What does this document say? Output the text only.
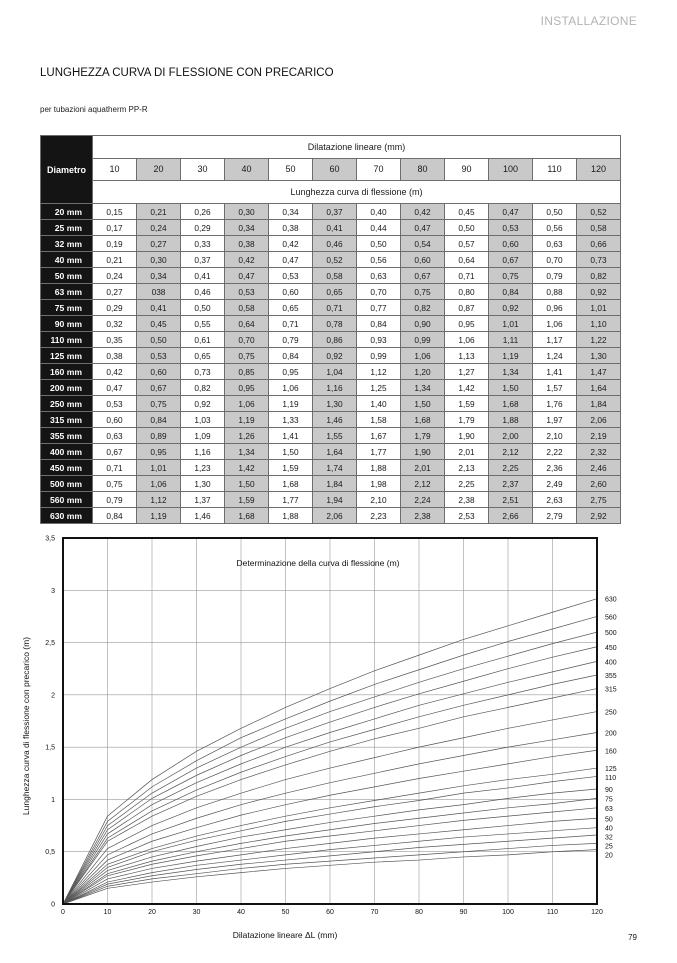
INSTALLAZIONE
LUNGHEZZA CURVA DI FLESSIONE CON PRECARICO
per tubazioni aquatherm PP-R
Diametro	Dilatazione lineare (mm)											
	10	20	30	40	50	60	70	80	90	100	110	120
	Lunghezza curva di flessione (m)											
20 mm	0,15	0,21	0,26	0,30	0,34	0,37	0,40	0,42	0,45	0,47	0,50	0,52
25 mm	0,17	0,24	0,29	0,34	0,38	0,41	0,44	0,47	0,50	0,53	0,56	0,58
32 mm	0,19	0,27	0,33	0,38	0,42	0,46	0,50	0,54	0,57	0,60	0,63	0,66
40 mm	0,21	0,30	0,37	0,42	0,47	0,52	0,56	0,60	0,64	0,67	0,70	0,73
50 mm	0,24	0,34	0,41	0,47	0,53	0,58	0,63	0,67	0,71	0,75	0,79	0,82
63 mm	0,27	038	0,46	0,53	0,60	0,65	0,70	0,75	0,80	0,84	0,88	0,92
75 mm	0,29	0,41	0,50	0,58	0,65	0,71	0,77	0,82	0,87	0,92	0,96	1,01
90 mm	0,32	0,45	0,55	0,64	0,71	0,78	0,84	0,90	0,95	1,01	1,06	1,10
110 mm	0,35	0,50	0,61	0,70	0,79	0,86	0,93	0,99	1,06	1,11	1,17	1,22
125 mm	0,38	0,53	0,65	0,75	0,84	0,92	0,99	1,06	1,13	1,19	1,24	1,30
160 mm	0,42	0,60	0,73	0,85	0,95	1,04	1,12	1,20	1,27	1,34	1,41	1,47
200 mm	0,47	0,67	0,82	0,95	1,06	1,16	1,25	1,34	1,42	1,50	1,57	1,64
250 mm	0,53	0,75	0,92	1,06	1,19	1,30	1,40	1,50	1,59	1,68	1,76	1,84
315 mm	0,60	0,84	1,03	1,19	1,33	1,46	1,58	1,68	1,79	1,88	1,97	2,06
355 mm	0,63	0,89	1,09	1,26	1,41	1,55	1,67	1,79	1,90	2,00	2,10	2,19
400 mm	0,67	0,95	1,16	1,34	1,50	1,64	1,77	1,90	2,01	2,12	2,22	2,32
450 mm	0,71	1,01	1,23	1,42	1,59	1,74	1,88	2,01	2,13	2,25	2,36	2,46
500 mm	0,75	1,06	1,30	1,50	1,68	1,84	1,98	2,12	2,25	2,37	2,49	2,60
560 mm	0,79	1,12	1,37	1,59	1,77	1,94	2,10	2,24	2,38	2,51	2,63	2,75
630 mm	0,84	1,19	1,46	1,68	1,88	2,06	2,23	2,38	2,53	2,66	2,79	2,92
0	10	20	30	40	50	60	70	80	90	100	110	120
0
0,5
1
1,5
2
2,5
3
3,5
630
560
500
450
400
355
315
250
200
160
125
110
90
75
63
50
40
32
25
20
Determinazione della curva di flessione (m)
Dilatazione lineare ΔL (mm)
Lunghezza curva di flessione con precarico (m)
79
